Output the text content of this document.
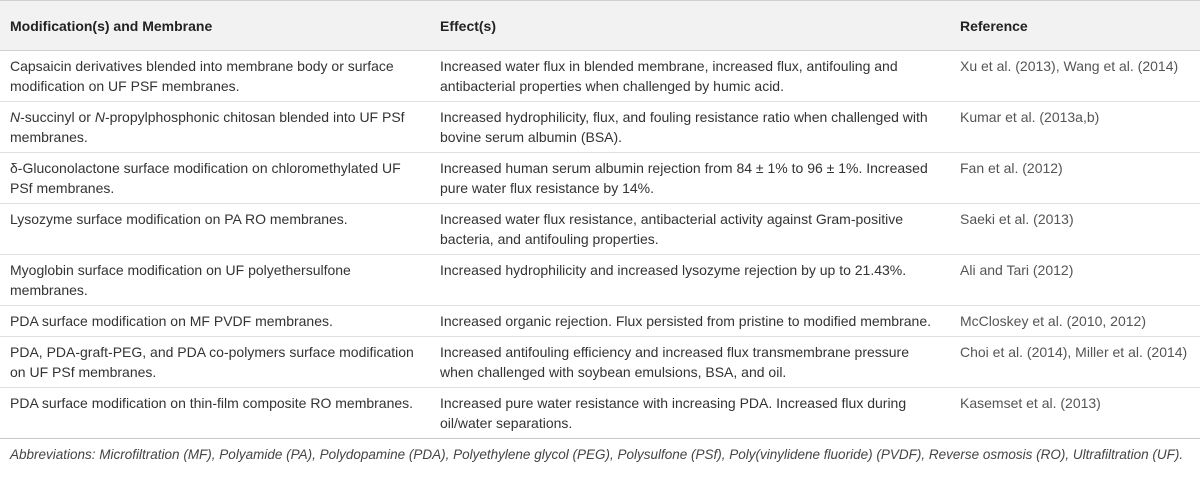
Modification(s) and Membrane	Effect(s)	Reference
Capsaicin derivatives blended into membrane body or surface modification on UF PSF membranes.	Increased water flux in blended membrane, increased flux, antifouling and antibacterial properties when challenged by humic acid.	Xu et al. (2013), Wang et al. (2014)
N-succinyl or N-propylphosphonic chitosan blended into UF PSf membranes.	Increased hydrophilicity, flux, and fouling resistance ratio when challenged with bovine serum albumin (BSA).	Kumar et al. (2013a,b)
δ-Gluconolactone surface modification on chloromethylated UF PSf membranes.	Increased human serum albumin rejection from 84 ± 1% to 96 ± 1%. Increased pure water flux resistance by 14%.	Fan et al. (2012)
Lysozyme surface modification on PA RO membranes.	Increased water flux resistance, antibacterial activity against Gram-positive bacteria, and antifouling properties.	Saeki et al. (2013)
Myoglobin surface modification on UF polyethersulfone membranes.	Increased hydrophilicity and increased lysozyme rejection by up to 21.43%.	Ali and Tari (2012)
PDA surface modification on MF PVDF membranes.	Increased organic rejection. Flux persisted from pristine to modified membrane.	McCloskey et al. (2010, 2012)
PDA, PDA-graft-PEG, and PDA co-polymers surface modification on UF PSf membranes.	Increased antifouling efficiency and increased flux transmembrane pressure when challenged with soybean emulsions, BSA, and oil.	Choi et al. (2014), Miller et al. (2014)
PDA surface modification on thin-film composite RO membranes.	Increased pure water resistance with increasing PDA. Increased flux during oil/water separations.	Kasemset et al. (2013)
Abbreviations: Microfiltration (MF), Polyamide (PA), Polydopamine (PDA), Polyethylene glycol (PEG), Polysulfone (PSf), Poly(vinylidene fluoride) (PVDF), Reverse osmosis (RO), Ultrafiltration (UF).
